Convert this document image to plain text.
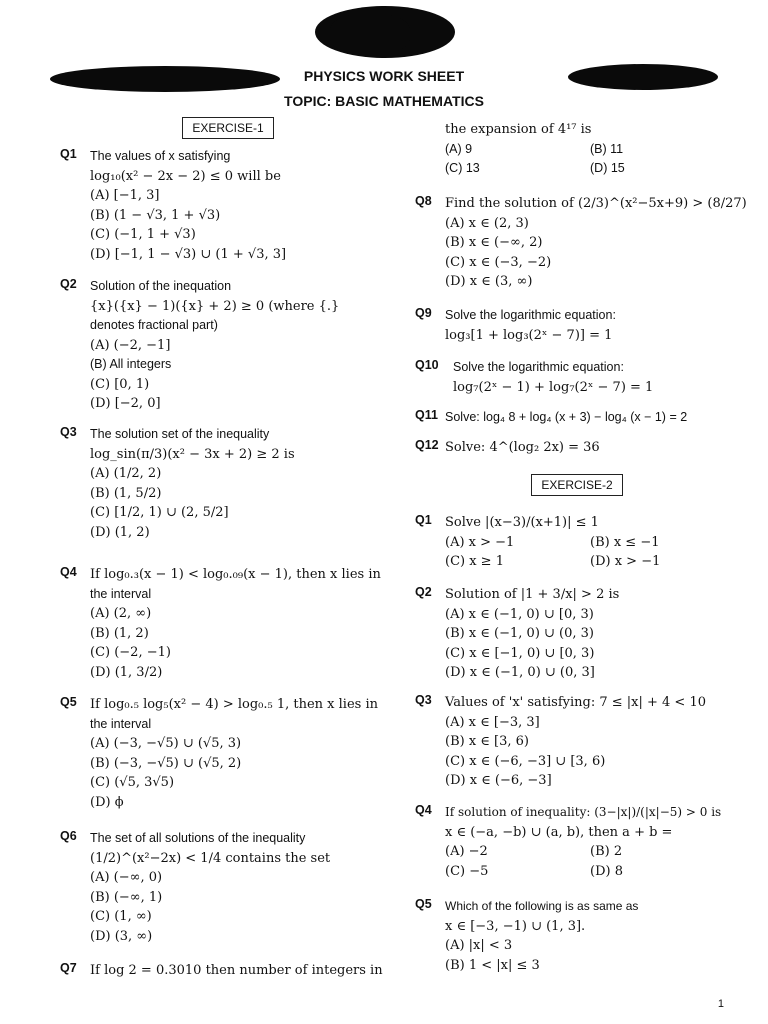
PHYSICS WORK SHEET
TOPIC: BASIC MATHEMATICS
EXERCISE-1
Q1 The values of x satisfying
log₁₀(x² − 2x − 2) ≤ 0 will be
(A) [−1, 3]
(B) (1 − √3, 1 + √3)
(C) (−1, 1 + √3)
(D) [−1, 1 − √3) ∪ (1 + √3, 3]
Q2 Solution of the inequation
{x}({x} − 1)({x} + 2) ≥ 0 (where {.}
denotes fractional part)
(A) (−2, −1]
(B) All integers
(C) [0, 1)
(D) [−2, 0]
Q3 The solution set of the inequality
log_sin(π/3)(x² − 3x + 2) ≥ 2 is
(A) (1/2, 2)
(B) (1, 5/2)
(C) [1/2, 1) ∪ (2, 5/2]
(D) (1, 2)
Q4 If log₀.₃(x − 1) < log₀.₀₉(x − 1), then x lies in
the interval
(A) (2, ∞)
(B) (1, 2)
(C) (−2, −1)
(D) (1, 3/2)
Q5 If log₀.₅ log₅(x² − 4) > log₀.₅ 1, then x lies in
the interval
(A) (−3, −√5) ∪ (√5, 3)
(B) (−3, −√5) ∪ (√5, 2)
(C) (√5, 3√5)
(D) ϕ
Q6 The set of all solutions of the inequality
(1/2)^(x²−2x) < 1/4 contains the set
(A) (−∞, 0)
(B) (−∞, 1)
(C) (1, ∞)
(D) (3, ∞)
Q7 If log 2 = 0.3010 then number of integers in
the expansion of 4¹⁷ is
(A) 9	(B) 11
(C) 13	(D) 15
Q8 Find the solution of (2/3)^(x²−5x+9) > (8/27)
(A) x ∈ (2, 3)
(B) x ∈ (−∞, 2)
(C) x ∈ (−3, −2)
(D) x ∈ (3, ∞)
Q9 Solve the logarithmic equation:
log₃[1 + log₃(2ˣ − 7)] = 1
Q10 Solve the logarithmic equation:
log₇(2ˣ − 1) + log₇(2ˣ − 7) = 1
Q11 Solve: log₄ 8 + log₄ (x + 3) − log₄ (x − 1) = 2
Q12 Solve: 4^(log₂ 2x) = 36
EXERCISE-2
Q1 Solve |(x−3)/(x+1)| ≤ 1
(A) x > −1	(B) x ≤ −1
(C) x ≥ 1	(D) x > −1
Q2 Solution of |1 + 3/x| > 2 is
(A) x ∈ (−1, 0) ∪ [0, 3)
(B) x ∈ (−1, 0) ∪ (0, 3)
(C) x ∈ [−1, 0) ∪ [0, 3)
(D) x ∈ (−1, 0) ∪ (0, 3]
Q3 Values of 'x' satisfying: 7 ≤ |x| + 4 < 10
(A) x ∈ [−3, 3]
(B) x ∈ [3, 6)
(C) x ∈ (−6, −3] ∪ [3, 6)
(D) x ∈ (−6, −3]
Q4 If solution of inequality: (3−|x|)/(|x|−5) > 0 is
x ∈ (−a, −b) ∪ (a, b), then a + b =
(A) −2	(B) 2
(C) −5	(D) 8
Q5 Which of the following is as same as
x ∈ [−3, −1) ∪ (1, 3].
(A) |x| < 3
(B) 1 < |x| ≤ 3
1
